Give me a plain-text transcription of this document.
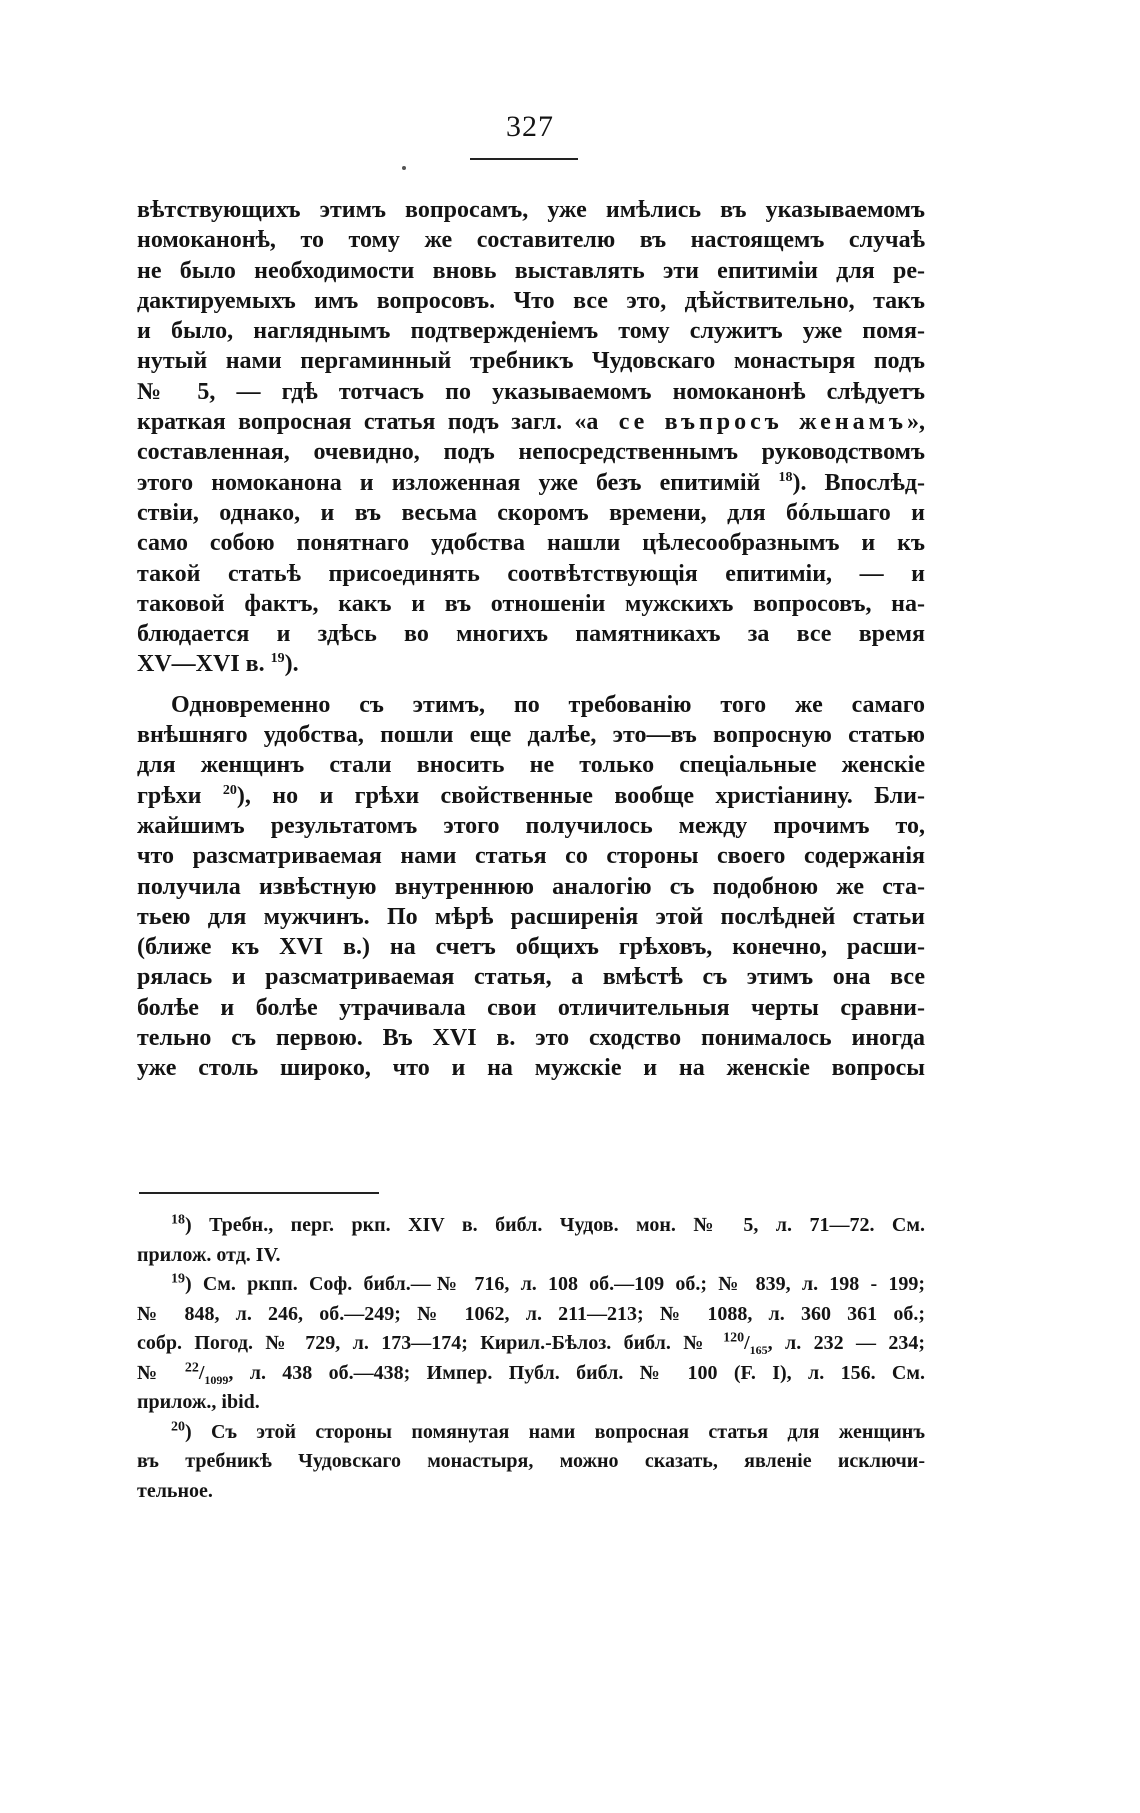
327
вѣтствующихъ этимъ вопросамъ, уже имѣлись въ указываемомъ
номоканонѣ, то тому же составителю въ настоящемъ случаѣ
не было необходимости вновь выставлять эти епитиміи для ре-
дактируемыхъ имъ вопросовъ. Что все это, дѣйствительно, такъ
и было, нагляднымъ подтвержденіемъ тому служитъ уже помя-
нутый нами пергаминный требникъ Чудовскаго монастыря подъ
№ 5, — гдѣ тотчасъ по указываемомъ номоканонѣ слѣдуетъ
краткая вопросная статья подъ загл. «а се въпросъ женамъ»,
составленная, очевидно, подъ непосредственнымъ руководствомъ
этого номоканона и изложенная уже безъ епитимій $^{18}$). Впослѣд-
ствіи, однако, и въ весьма скоромъ времени, для бóльшаго и
само собою понятнаго удобства нашли цѣлесообразнымъ и къ
такой статьѣ присоединять соотвѣтствующія епитиміи, — и
таковой фактъ, какъ и въ отношеніи мужскихъ вопросовъ, на-
блюдается и здѣсь во многихъ памятникахъ за все время
XV—XVI в. $^{19}$).
Одновременно съ этимъ, по требованію того же самаго
внѣшняго удобства, пошли еще далѣе, это—въ вопросную статью
для женщинъ стали вносить не только спеціальные женскіе
грѣхи $^{20}$), но и грѣхи свойственные вообще христіанину. Бли-
жайшимъ результатомъ этого получилось между прочимъ то,
что разсматриваемая нами статья со стороны своего содержанія
получила извѣстную внутреннюю аналогію съ подобною же ста-
тьею для мужчинъ. По мѣрѣ расширенія этой послѣдней статьи
(ближе къ XVI в.) на счетъ общихъ грѣховъ, конечно, расши-
рялась и разсматриваемая статья, а вмѣстѣ съ этимъ она все
болѣе и болѣе утрачивала свои отличительныя черты сравни-
тельно съ первою. Въ XVI в. это сходство понималось иногда
уже столь широко, что и на мужскіе и на женскіе вопросы
$^{18}$) Требн., перг. ркп. XIV в. библ. Чудов. мон. № 5, л. 71—72. См.
прилож. отд. IV.
$^{19}$) См. ркпп. Соф. библ.—№ 716, л. 108 об.—109 об.; № 839, л. 198 - 199;
№ 848, л. 246, об.—249; № 1062, л. 211—213; № 1088, л. 360 361 об.;
собр. Погод. № 729, л. 173—174; Кирил.-Бѣлоз. библ. № $^{120}/_{165}$, л. 232 — 234;
№ $^{22}/_{1099}$, л. 438 об.—438; Импер. Публ. библ. № 100 (F. I), л. 156. См.
прилож., ibid.
$^{20}$) Съ этой стороны помянутая нами вопросная статья для женщинъ
въ требникѣ Чудовскаго монастыря, можно сказать, явленіе исключи-
тельное.
